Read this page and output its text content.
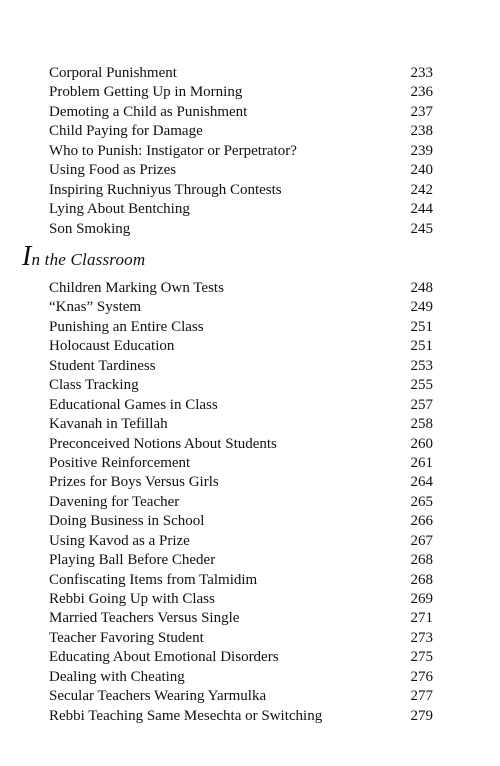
Corporal Punishment	233
Problem Getting Up in Morning	236
Demoting a Child as Punishment	237
Child Paying for Damage	238
Who to Punish: Instigator or Perpetrator?	239
Using Food as Prizes	240
Inspiring Ruchniyus Through Contests	242
Lying About Bentching	244
Son Smoking	245
In the Classroom
Children Marking Own Tests	248
“Knas” System	249
Punishing an Entire Class	251
Holocaust Education	251
Student Tardiness	253
Class Tracking	255
Educational Games in Class	257
Kavanah in Tefillah	258
Preconceived Notions About Students	260
Positive Reinforcement	261
Prizes for Boys Versus Girls	264
Davening for Teacher	265
Doing Business in School	266
Using Kavod as a Prize	267
Playing Ball Before Cheder	268
Confiscating Items from Talmidim	268
Rebbi Going Up with Class	269
Married Teachers Versus Single	271
Teacher Favoring Student	273
Educating About Emotional Disorders	275
Dealing with Cheating	276
Secular Teachers Wearing Yarmulka	277
Rebbi Teaching Same Mesechta or Switching	279
